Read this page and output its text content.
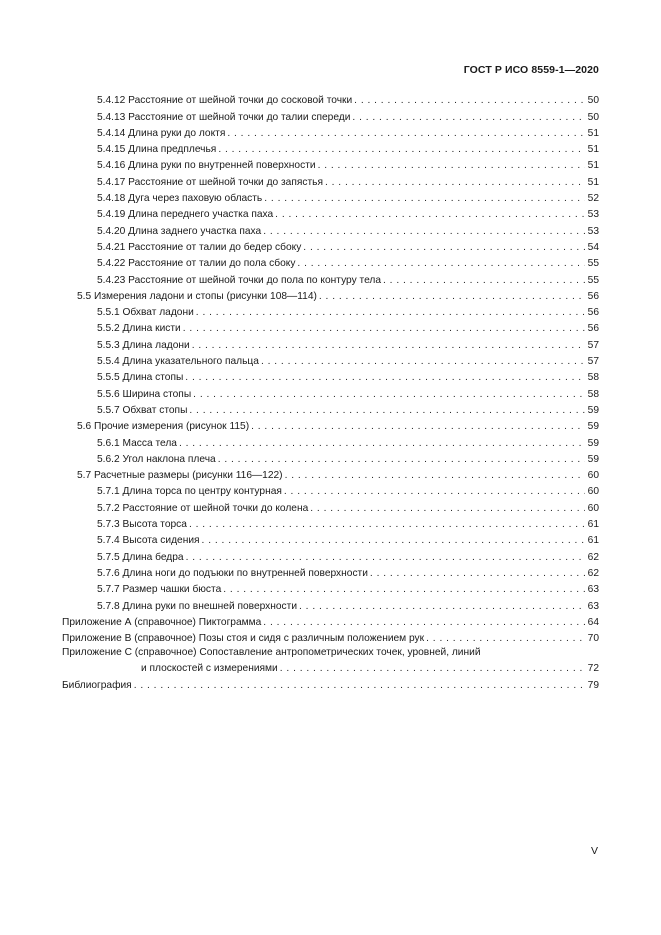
ГОСТ Р ИСО 8559-1—2020
5.4.12 Расстояние от шейной точки до сосковой точки . . .	50
5.4.13 Расстояние от шейной точки до талии спереди . . .	50
5.4.14 Длина руки до локтя . . .	51
5.4.15 Длина предплечья . . .	51
5.4.16 Длина руки по внутренней поверхности . . .	51
5.4.17 Расстояние от шейной точки до запястья . . .	51
5.4.18 Дуга через паховую область . . .	52
5.4.19 Длина переднего участка паха . . .	53
5.4.20 Длина заднего участка паха . . .	53
5.4.21 Расстояние от талии до бедер сбоку . . .	54
5.4.22 Расстояние от талии до пола сбоку . . .	55
5.4.23 Расстояние от шейной точки до пола по контуру тела . . .	55
5.5 Измерения ладони и стопы (рисунки 108—114) . . .	56
5.5.1 Обхват ладони . . .	56
5.5.2 Длина кисти . . .	56
5.5.3 Длина ладони . . .	57
5.5.4 Длина указательного пальца . . .	57
5.5.5 Длина стопы . . .	58
5.5.6 Ширина стопы . . .	58
5.5.7 Обхват стопы . . .	59
5.6 Прочие измерения (рисунок 115) . . .	59
5.6.1 Масса тела . . .	59
5.6.2 Угол наклона плеча . . .	59
5.7 Расчетные размеры (рисунки 116—122) . . .	60
5.7.1 Длина торса по центру контурная . . .	60
5.7.2 Расстояние от шейной точки до колена . . .	60
5.7.3 Высота торса . . .	61
5.7.4 Высота сидения . . .	61
5.7.5 Длина бедра . . .	62
5.7.6 Длина ноги до подъюки по внутренней поверхности . . .	62
5.7.7 Размер чашки бюста . . .	63
5.7.8 Длина руки по внешней поверхности . . .	63
Приложение А (справочное) Пиктограмма . . .	64
Приложение В (справочное) Позы стоя и сидя с различным положением рук . . .	70
Приложение С (справочное) Сопоставление антропометрических точек, уровней, линий
и плоскостей с измерениями . . .	72
Библиография . . .	79
V
